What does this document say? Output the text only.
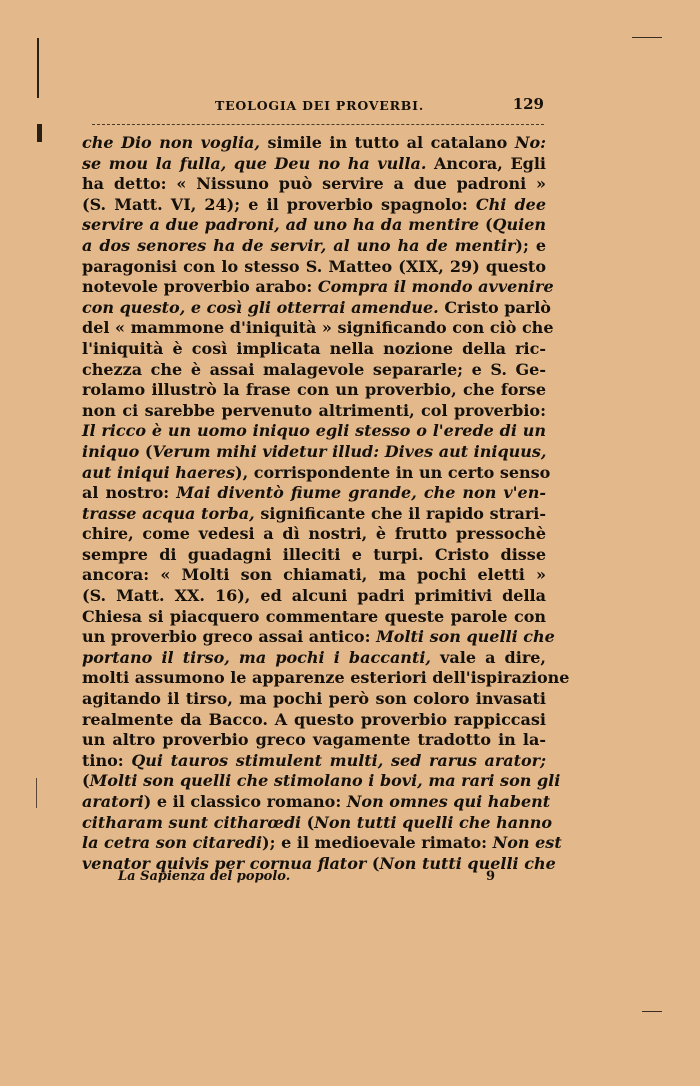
TEOLOGIA DEI PROVERBI.	129
che Dio non voglia, simile in tutto al catalano No:
se mou la fulla, que Deu no ha vulla. Ancora, Egli
ha detto: « Nissuno può servire a due padroni »
(S. Matt. VI, 24); e il proverbio spagnolo: Chi dee
servire a due padroni, ad uno ha da mentire (Quien
a dos senores ha de servir, al uno ha de mentir); e
paragonisi con lo stesso S. Matteo (XIX, 29) questo
notevole proverbio arabo: Compra il mondo avvenire
con questo, e così gli otterrai amendue. Cristo parlò
del « mammone d'iniquità » significando con ciò che
l'iniquità è così implicata nella nozione della ric-
chezza che è assai malagevole separarle; e S. Ge-
rolamo illustrò la frase con un proverbio, che forse
non ci sarebbe pervenuto altrimenti, col proverbio:
Il ricco è un uomo iniquo egli stesso o l'erede di un
iniquo (Verum mihi videtur illud: Dives aut iniquus,
aut iniqui haeres), corrispondente in un certo senso
al nostro: Mai diventò fiume grande, che non v'en-
trasse acqua torba, significante che il rapido strari-
chire, come vedesi a dì nostri, è frutto pressochè
sempre di guadagni illeciti e turpi. Cristo disse
ancora: « Molti son chiamati, ma pochi eletti »
(S. Matt. XX. 16), ed alcuni padri primitivi della
Chiesa si piacquero commentare queste parole con
un proverbio greco assai antico: Molti son quelli che
portano il tirso, ma pochi i baccanti, vale a dire,
molti assumono le apparenze esteriori dell'ispirazione
agitando il tirso, ma pochi però son coloro invasati
realmente da Bacco. A questo proverbio rappiccasi
un altro proverbio greco vagamente tradotto in la-
tino: Qui tauros stimulent multi, sed rarus arator;
(Molti son quelli che stimolano i bovi, ma rari son gli
aratori) e il classico romano: Non omnes qui habent
citharam sunt citharœdi (Non tutti quelli che hanno
la cetra son citaredi); e il medioevale rimato: Non est
venator quivis per cornua flator (Non tutti quelli che
La Sapienza del popolo.	9
